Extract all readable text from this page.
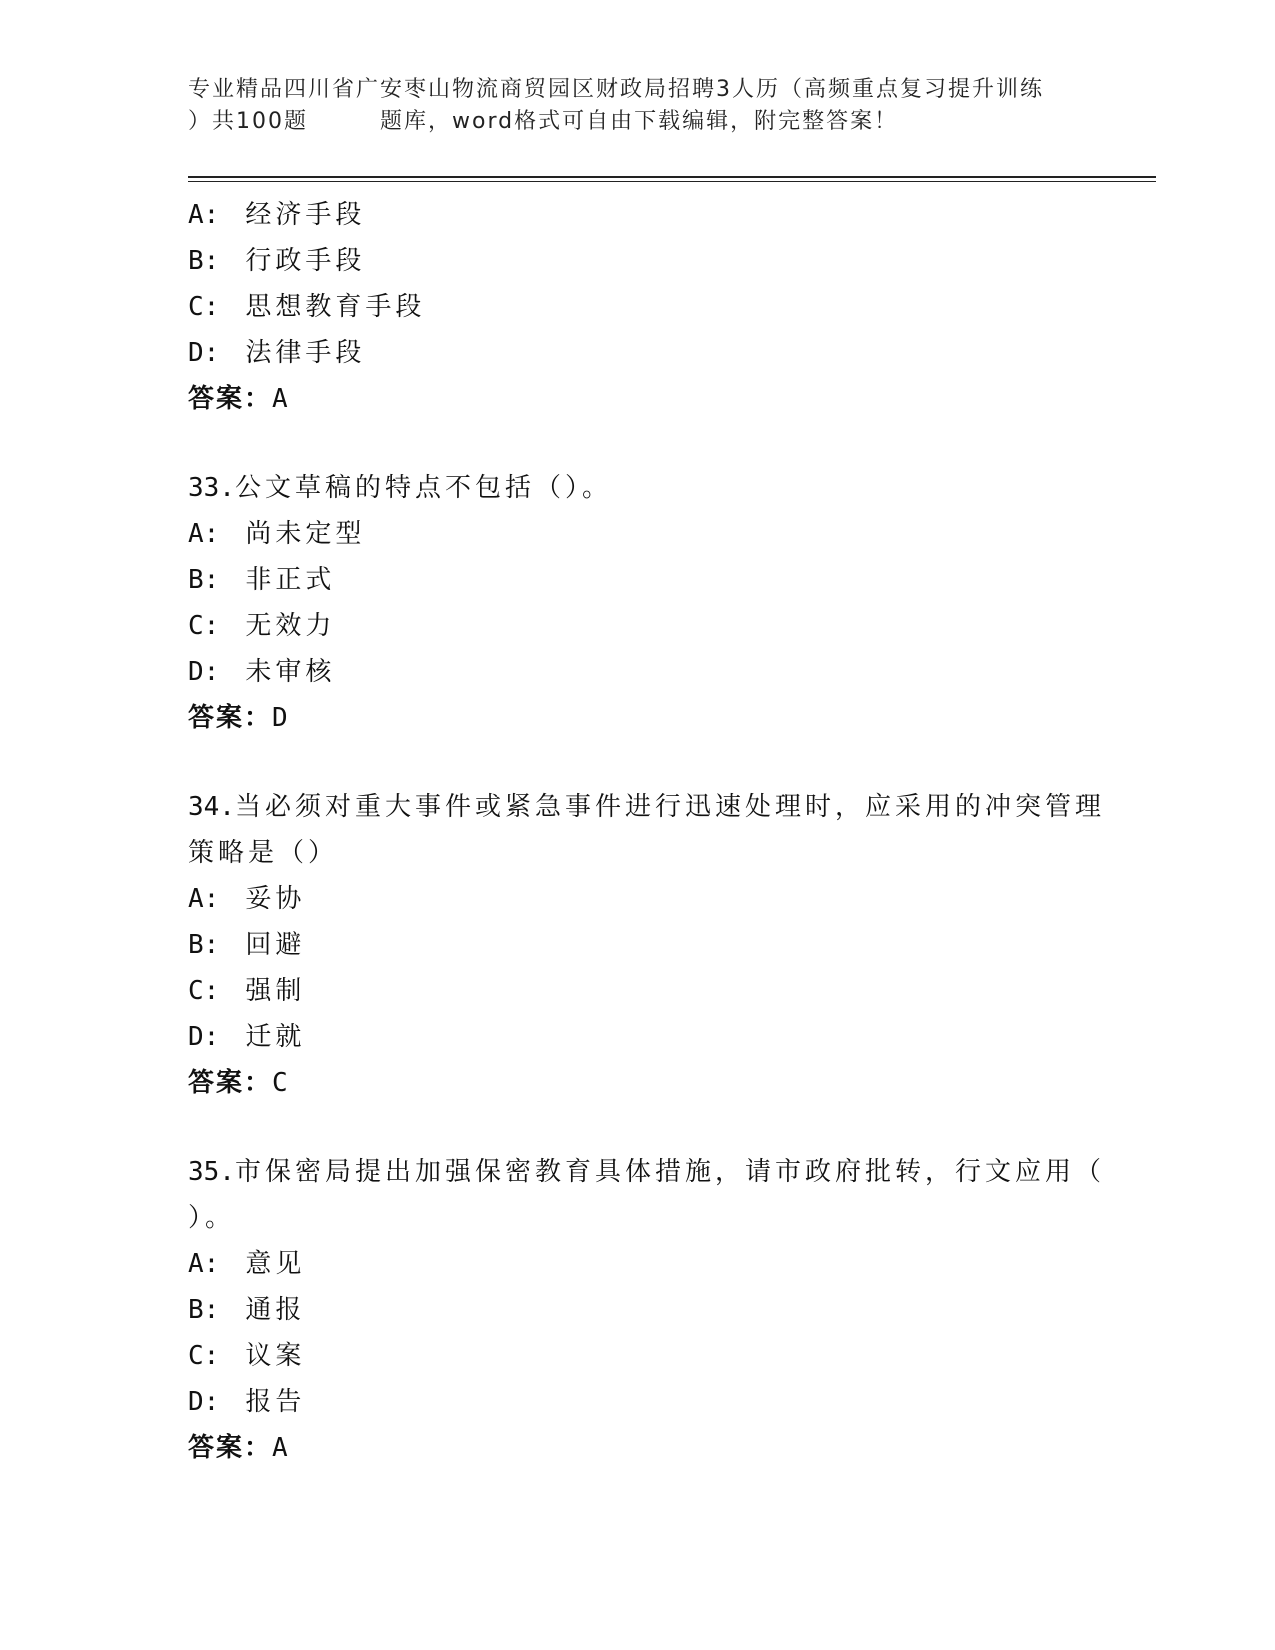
专业精品四川省广安枣山物流商贸园区财政局招聘3人历（高频重点复习提升训练
）共100题	题库，word格式可自由下载编辑，附完整答案！
A: 经济手段
B: 行政手段
C: 思想教育手段
D: 法律手段
答案：A
33.公文草稿的特点不包括（）。
A: 尚未定型
B: 非正式
C: 无效力
D: 未审核
答案：D
34.当必须对重大事件或紧急事件进行迅速处理时，应采用的冲突管理
策略是（）
A: 妥协
B: 回避
C: 强制
D: 迁就
答案：C
35.市保密局提出加强保密教育具体措施，请市政府批转，行文应用（
）。
A: 意见
B: 通报
C: 议案
D: 报告
答案：A
